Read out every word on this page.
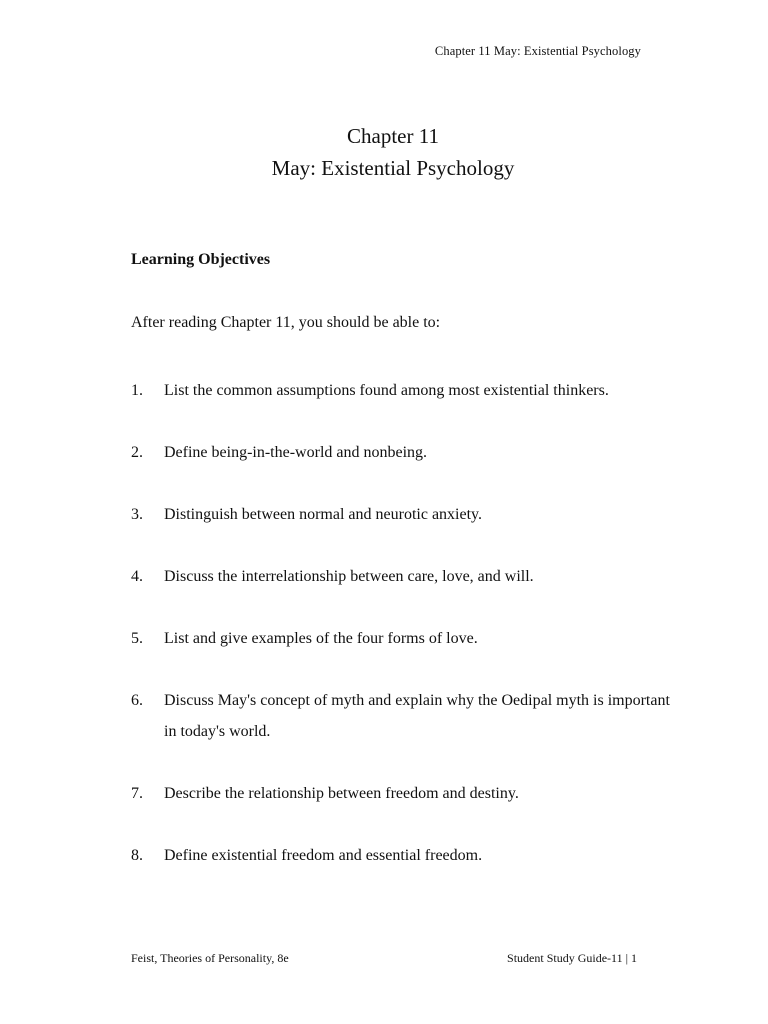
Chapter 11 May: Existential Psychology
Chapter 11
May: Existential Psychology
Learning Objectives
After reading Chapter 11, you should be able to:
1. List the common assumptions found among most existential thinkers.
2. Define being-in-the-world and nonbeing.
3. Distinguish between normal and neurotic anxiety.
4. Discuss the interrelationship between care, love, and will.
5. List and give examples of the four forms of love.
6. Discuss May's concept of myth and explain why the Oedipal myth is important in today's world.
7. Describe the relationship between freedom and destiny.
8. Define existential freedom and essential freedom.
Feist, Theories of Personality, 8e	Student Study Guide-11 | 1
